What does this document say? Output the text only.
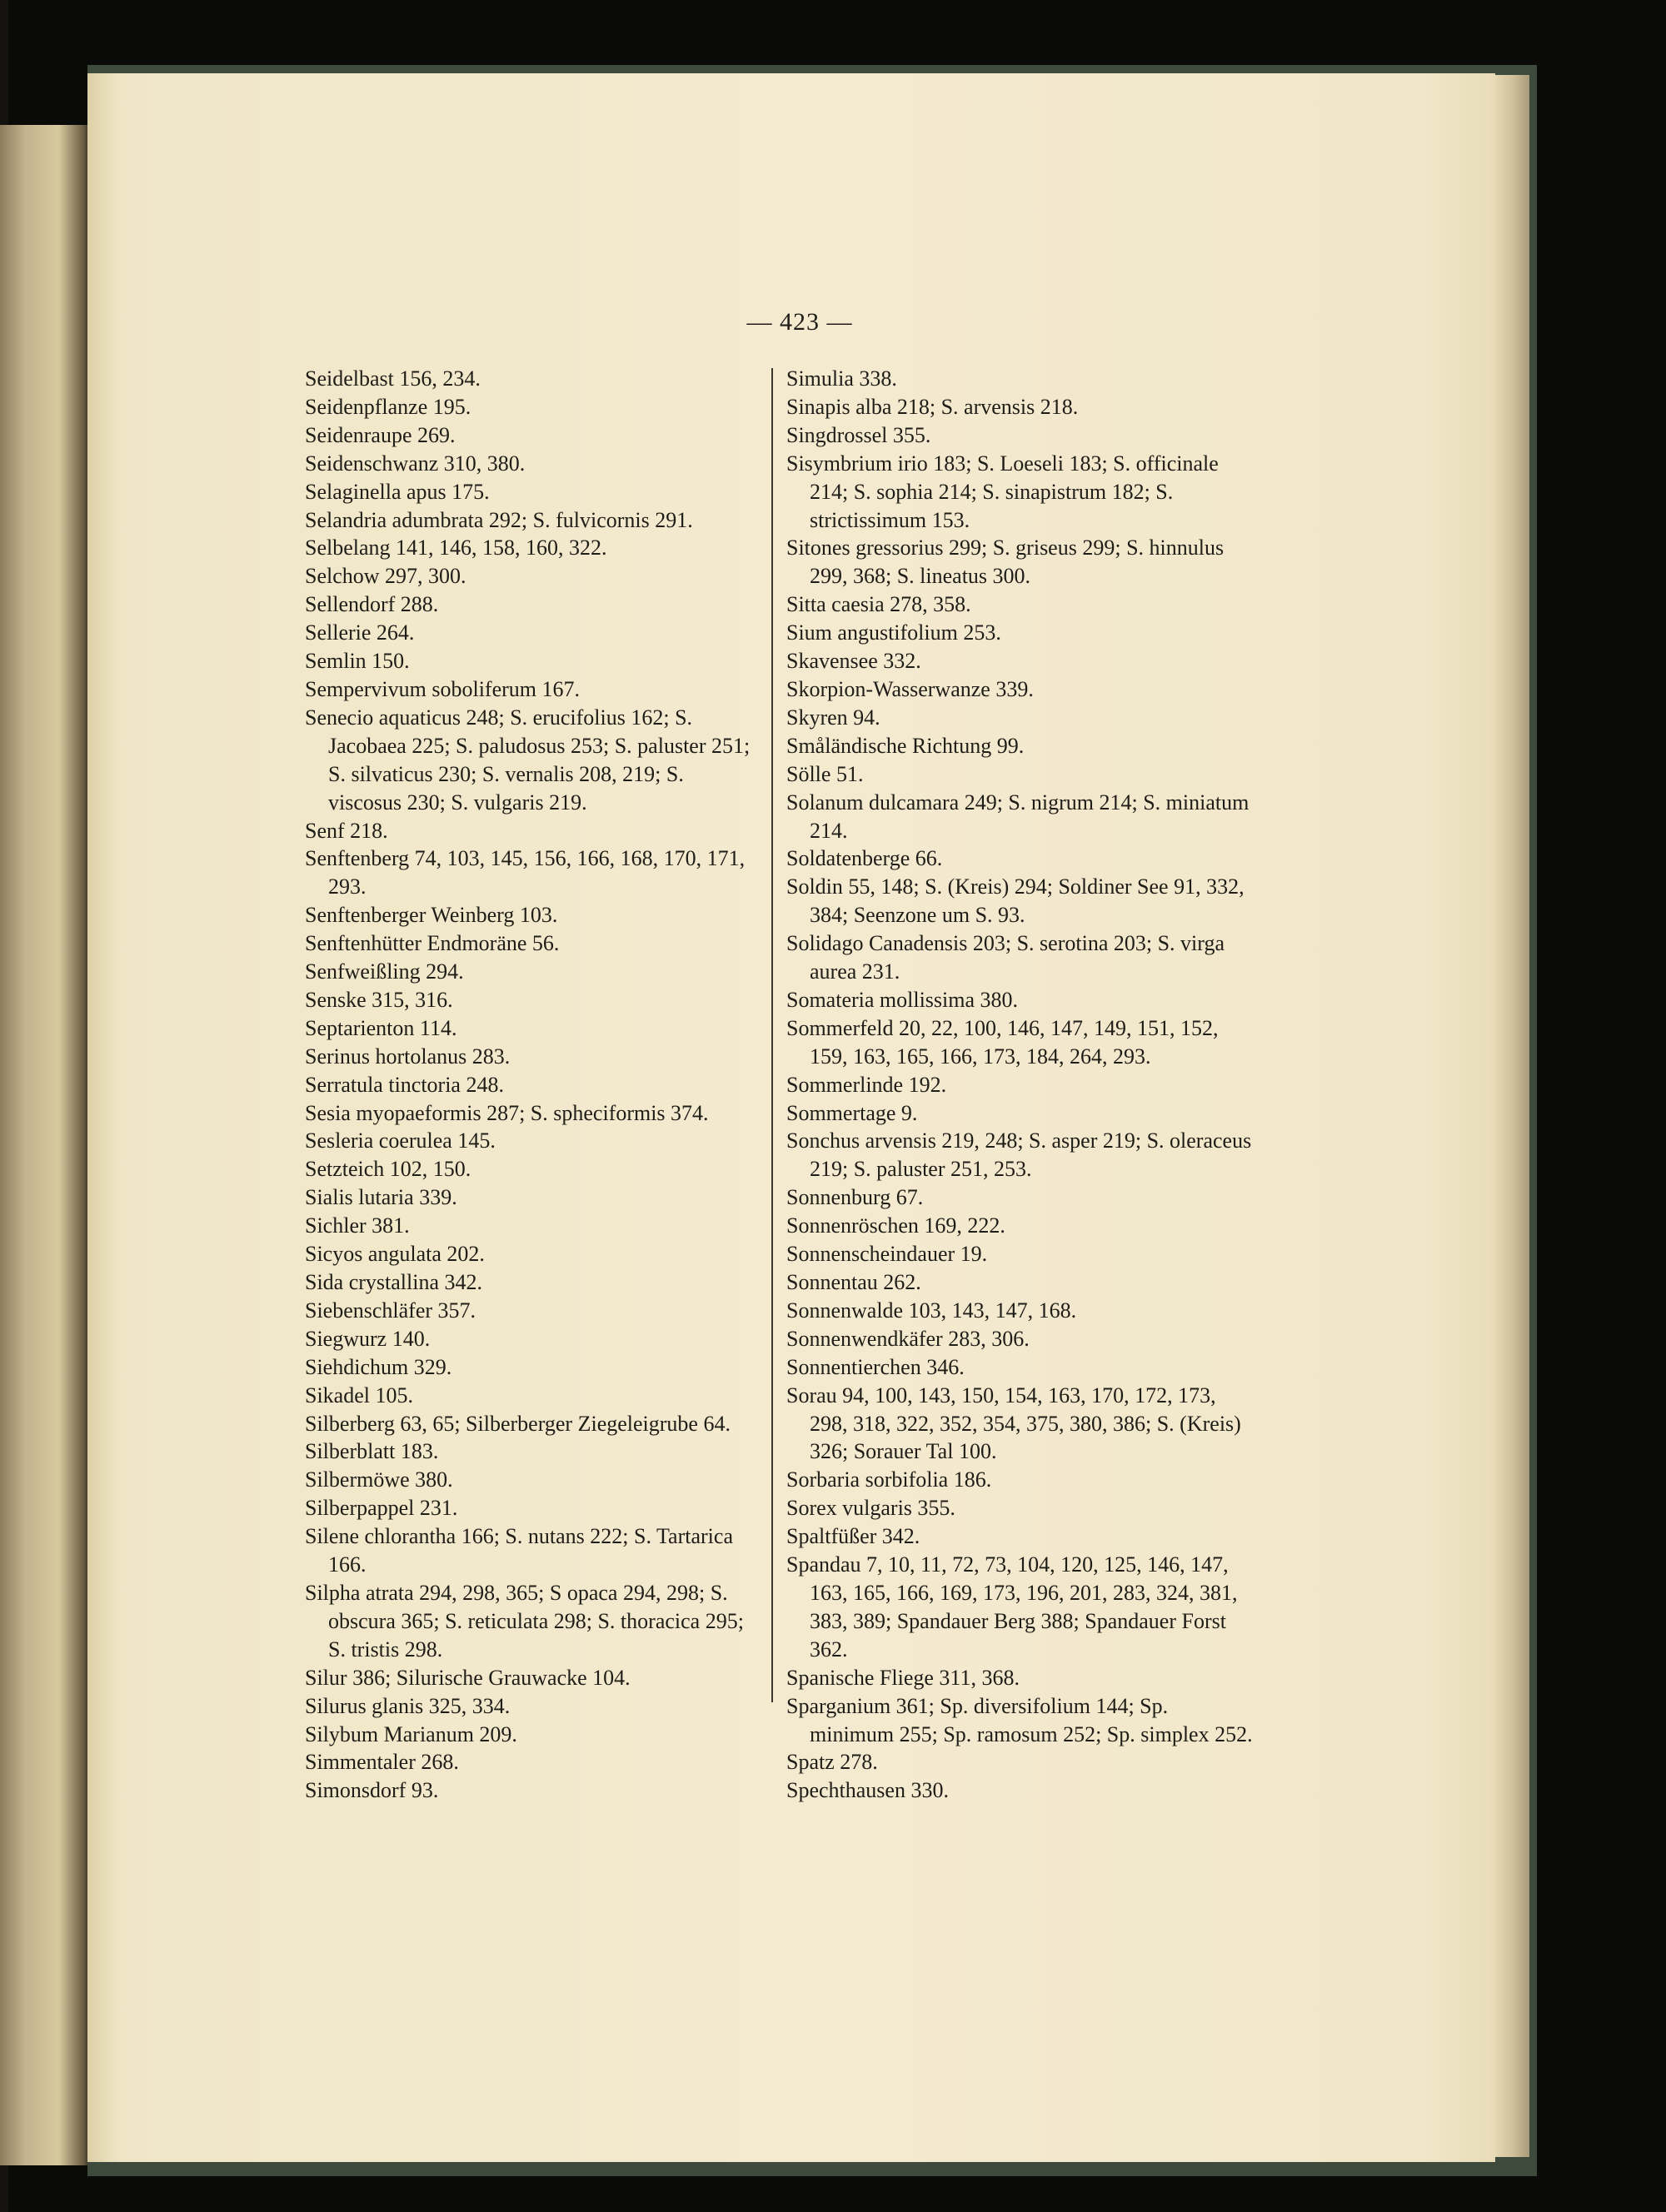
— 423 —
Seidelbast 156, 234.
Seidenpflanze 195.
Seidenraupe 269.
Seidenschwanz 310, 380.
Selaginella apus 175.
Selandria adumbrata 292; S. fulvicornis 291.
Selbelang 141, 146, 158, 160, 322.
Selchow 297, 300.
Sellendorf 288.
Sellerie 264.
Semlin 150.
Sempervivum soboliferum 167.
Senecio aquaticus 248; S. erucifolius 162; S. Jacobaea 225; S. paludosus 253; S. paluster 251; S. silvaticus 230; S. vernalis 208, 219; S. viscosus 230; S. vulgaris 219.
Senf 218.
Senftenberg 74, 103, 145, 156, 166, 168, 170, 171, 293.
Senftenberger Weinberg 103.
Senftenhütter Endmoräne 56.
Senfweißling 294.
Senske 315, 316.
Septarienton 114.
Serinus hortolanus 283.
Serratula tinctoria 248.
Sesia myopaeformis 287; S. spheciformis 374.
Sesleria coerulea 145.
Setzteich 102, 150.
Sialis lutaria 339.
Sichler 381.
Sicyos angulata 202.
Sida crystallina 342.
Siebenschläfer 357.
Siegwurz 140.
Siehdichum 329.
Sikadel 105.
Silberberg 63, 65; Silberberger Ziegeleigrube 64.
Silberblatt 183.
Silbermöwe 380.
Silberpappel 231.
Silene chlorantha 166; S. nutans 222; S. Tartarica 166.
Silpha atrata 294, 298, 365; S opaca 294, 298; S. obscura 365; S. reticulata 298; S. thoracica 295; S. tristis 298.
Silur 386; Silurische Grauwacke 104.
Silurus glanis 325, 334.
Silybum Marianum 209.
Simmentaler 268.
Simonsdorf 93.
Simulia 338.
Sinapis alba 218; S. arvensis 218.
Singdrossel 355.
Sisymbrium irio 183; S. Loeseli 183; S. officinale 214; S. sophia 214; S. sinapistrum 182; S. strictissimum 153.
Sitones gressorius 299; S. griseus 299; S. hinnulus 299, 368; S. lineatus 300.
Sitta caesia 278, 358.
Sium angustifolium 253.
Skavensee 332.
Skorpion-Wasserwanze 339.
Skyren 94.
Småländische Richtung 99.
Sölle 51.
Solanum dulcamara 249; S. nigrum 214; S. miniatum 214.
Soldatenberge 66.
Soldin 55, 148; S. (Kreis) 294; Soldiner See 91, 332, 384; Seenzone um S. 93.
Solidago Canadensis 203; S. serotina 203; S. virga aurea 231.
Somateria mollissima 380.
Sommerfeld 20, 22, 100, 146, 147, 149, 151, 152, 159, 163, 165, 166, 173, 184, 264, 293.
Sommerlinde 192.
Sommertage 9.
Sonchus arvensis 219, 248; S. asper 219; S. oleraceus 219; S. paluster 251, 253.
Sonnenburg 67.
Sonnenröschen 169, 222.
Sonnenscheindauer 19.
Sonnentau 262.
Sonnenwalde 103, 143, 147, 168.
Sonnenwendkäfer 283, 306.
Sonnentierchen 346.
Sorau 94, 100, 143, 150, 154, 163, 170, 172, 173, 298, 318, 322, 352, 354, 375, 380, 386; S. (Kreis) 326; Sorauer Tal 100.
Sorbaria sorbifolia 186.
Sorex vulgaris 355.
Spaltfüßer 342.
Spandau 7, 10, 11, 72, 73, 104, 120, 125, 146, 147, 163, 165, 166, 169, 173, 196, 201, 283, 324, 381, 383, 389; Spandauer Berg 388; Spandauer Forst 362.
Spanische Fliege 311, 368.
Sparganium 361; Sp. diversifolium 144; Sp. minimum 255; Sp. ramosum 252; Sp. simplex 252.
Spatz 278.
Spechthausen 330.
